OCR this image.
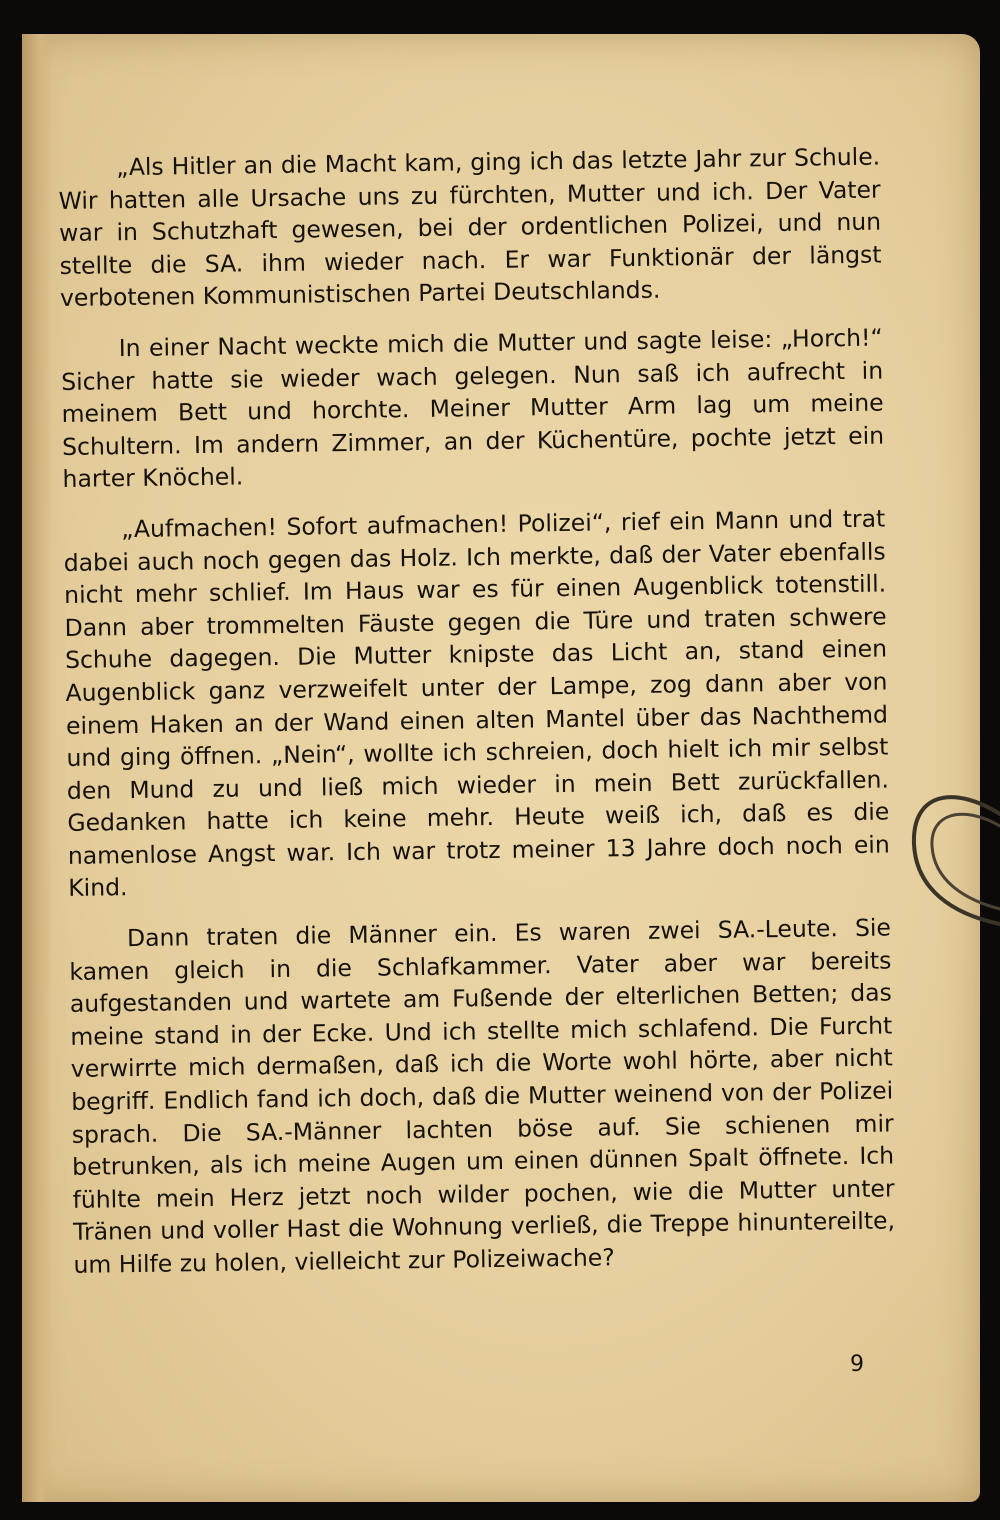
„Als Hitler an die Macht kam, ging ich das letzte Jahr zur Schule. Wir hatten alle Ursache uns zu fürchten, Mutter und ich. Der Vater war in Schutzhaft gewesen, bei der ordentlichen Polizei, und nun stellte die SA. ihm wieder nach. Er war Funktionär der längst verbotenen Kommunistischen Partei Deutschlands.

In einer Nacht weckte mich die Mutter und sagte leise: „Horch!“ Sicher hatte sie wieder wach gelegen. Nun saß ich aufrecht in meinem Bett und horchte. Meiner Mutter Arm lag um meine Schultern. Im andern Zimmer, an der Küchentüre, pochte jetzt ein harter Knöchel.

„Aufmachen! Sofort aufmachen! Polizei“, rief ein Mann und trat dabei auch noch gegen das Holz. Ich merkte, daß der Vater ebenfalls nicht mehr schlief. Im Haus war es für einen Augenblick totenstill. Dann aber trommelten Fäuste gegen die Türe und traten schwere Schuhe dagegen. Die Mutter knipste das Licht an, stand einen Augenblick ganz verzweifelt unter der Lampe, zog dann aber von einem Haken an der Wand einen alten Mantel über das Nachthemd und ging öffnen. „Nein“, wollte ich schreien, doch hielt ich mir selbst den Mund zu und ließ mich wieder in mein Bett zurückfallen. Gedanken hatte ich keine mehr. Heute weiß ich, daß es die namenlose Angst war. Ich war trotz meiner 13 Jahre doch noch ein Kind.

Dann traten die Männer ein. Es waren zwei SA.-Leute. Sie kamen gleich in die Schlafkammer. Vater aber war bereits aufgestanden und wartete am Fußende der elterlichen Betten; das meine stand in der Ecke. Und ich stellte mich schlafend. Die Furcht verwirrte mich dermaßen, daß ich die Worte wohl hörte, aber nicht begriff. Endlich fand ich doch, daß die Mutter weinend von der Polizei sprach. Die SA.-Männer lachten böse auf. Sie schienen mir betrunken, als ich meine Augen um einen dünnen Spalt öffnete. Ich fühlte mein Herz jetzt noch wilder pochen, wie die Mutter unter Tränen und voller Hast die Wohnung verließ, die Treppe hinuntereilte, um Hilfe zu holen, vielleicht zur Polizeiwache?

9
